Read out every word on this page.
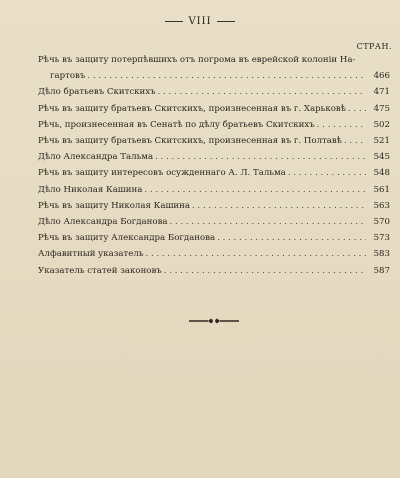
VIII
СТРАН.
Рѣчь въ защиту потерпѣвшихъ отъ погрома въ еврейской колоніи На-
гартовъ . . .	466
Дѣло братьевъ Скитскихъ . . .	471
Рѣчь въ защиту братьевъ Скитскихъ, произнесенная въ г. Харьковѣ . . .	475
Рѣчь, произнесенная въ Сенатѣ по дѣлу братьевъ Скитскихъ . . .	502
Рѣчь въ защиту братьевъ Скитскихъ, произнесенная въ г. Полтавѣ . . .	521
Дѣло Александра Тальма . . .	545
Рѣчь въ защиту интересовъ осужденнаго А. Л. Тальма . . .	548
Дѣло Николая Кашина . . .	561
Рѣчь въ защиту Николая Кашина . . .	563
Дѣло Александра Богданова . . .	570
Рѣчь въ защиту Александра Богданова . . .	573
Алфавитный указатель . . .	583
Указатель статей законовъ . . .	587
